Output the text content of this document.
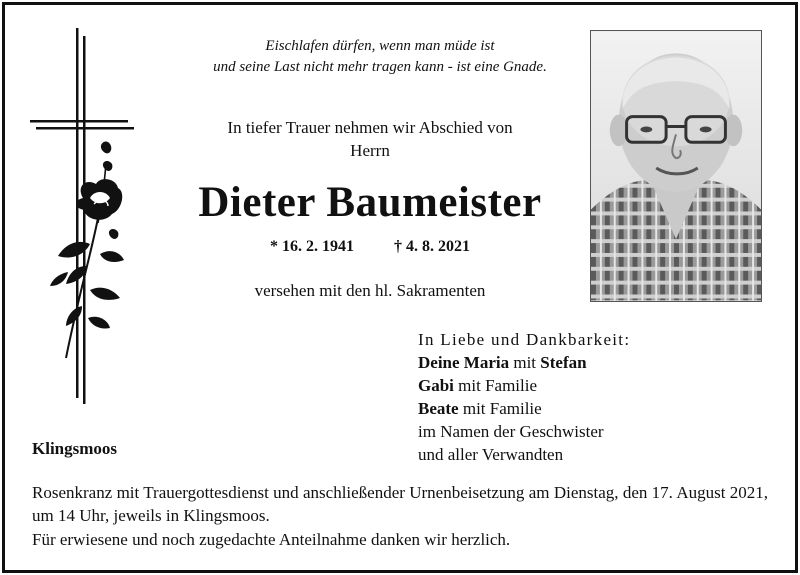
Eischlafen dürfen, wenn man müde ist
und seine Last nicht mehr tragen kann - ist eine Gnade.
In tiefer Trauer nehmen wir Abschied von
Herrn
Dieter Baumeister
* 16. 2. 1941	† 4. 8. 2021
versehen mit den hl. Sakramenten
In Liebe und Dankbarkeit:
Deine Maria mit Stefan
Gabi mit Familie
Beate mit Familie
im Namen der Geschwister
und aller Verwandten
Klingsmoos
Rosenkranz mit Trauergottesdienst und anschließender Urnenbeisetzung am Dienstag, den 17. August 2021, um 14 Uhr, jeweils in Klingsmoos.
Für erwiesene und noch zugedachte Anteilnahme danken wir herzlich.
